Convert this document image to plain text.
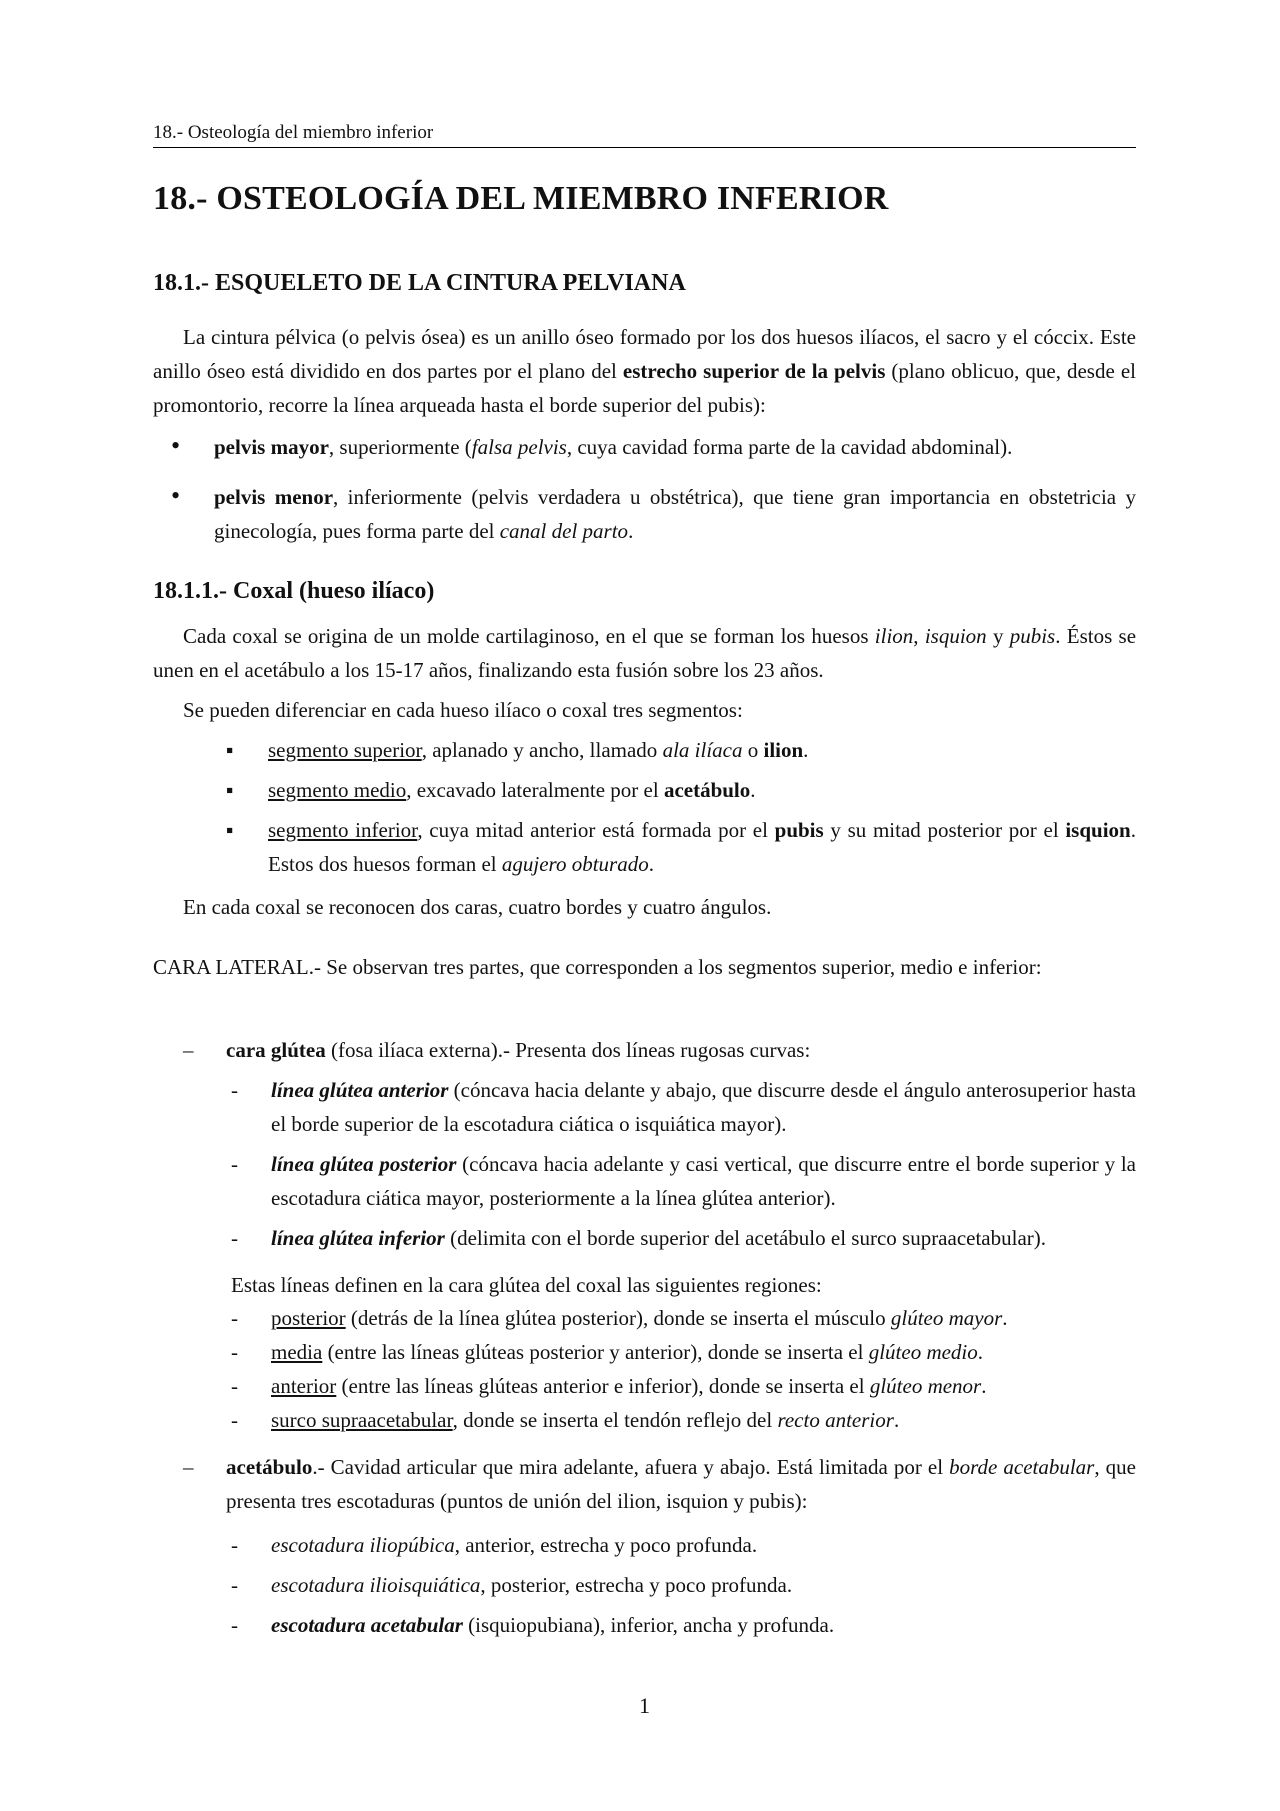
18.- Osteología del miembro inferior
18.- OSTEOLOGÍA DEL MIEMBRO INFERIOR
18.1.- ESQUELETO DE LA CINTURA PELVIANA
La cintura pélvica (o pelvis ósea) es un anillo óseo formado por los dos huesos ilíacos, el sacro y el cóccix. Este anillo óseo está dividido en dos partes por el plano del estrecho superior de la pelvis (plano oblicuo, que, desde el promontorio, recorre la línea arqueada hasta el borde superior del pubis):
• pelvis mayor, superiormente (falsa pelvis, cuya cavidad forma parte de la cavidad abdominal).
• pelvis menor, inferiormente (pelvis verdadera u obstétrica), que tiene gran importancia en obstetricia y ginecología, pues forma parte del canal del parto.
18.1.1.- Coxal (hueso ilíaco)
Cada coxal se origina de un molde cartilaginoso, en el que se forman los huesos ilion, isquion y pubis. Éstos se unen en el acetábulo a los 15-17 años, finalizando esta fusión sobre los 23 años.
Se pueden diferenciar en cada hueso ilíaco o coxal tres segmentos:
▪ segmento superior, aplanado y ancho, llamado ala ilíaca o ilion.
▪ segmento medio, excavado lateralmente por el acetábulo.
▪ segmento inferior, cuya mitad anterior está formada por el pubis y su mitad posterior por el isquion. Estos dos huesos forman el agujero obturado.
En cada coxal se reconocen dos caras, cuatro bordes y cuatro ángulos.
CARA LATERAL.- Se observan tres partes, que corresponden a los segmentos superior, medio e inferior:
– cara glútea (fosa ilíaca externa).- Presenta dos líneas rugosas curvas:
- línea glútea anterior (cóncava hacia delante y abajo, que discurre desde el ángulo anterosuperior hasta el borde superior de la escotadura ciática o isquiática mayor).
- línea glútea posterior (cóncava hacia adelante y casi vertical, que discurre entre el borde superior y la escotadura ciática mayor, posteriormente a la línea glútea anterior).
- línea glútea inferior (delimita con el borde superior del acetábulo el surco supraacetabular).
Estas líneas definen en la cara glútea del coxal las siguientes regiones:
- posterior (detrás de la línea glútea posterior), donde se inserta el músculo glúteo mayor.
- media (entre las líneas glúteas posterior y anterior), donde se inserta el glúteo medio.
- anterior (entre las líneas glúteas anterior e inferior), donde se inserta el glúteo menor.
- surco supraacetabular, donde se inserta el tendón reflejo del recto anterior.
– acetábulo.- Cavidad articular que mira adelante, afuera y abajo. Está limitada por el borde acetabular, que presenta tres escotaduras (puntos de unión del ilion, isquion y pubis):
- escotadura iliopúbica, anterior, estrecha y poco profunda.
- escotadura ilioisquiática, posterior, estrecha y poco profunda.
- escotadura acetabular (isquiopubiana), inferior, ancha y profunda.
1
